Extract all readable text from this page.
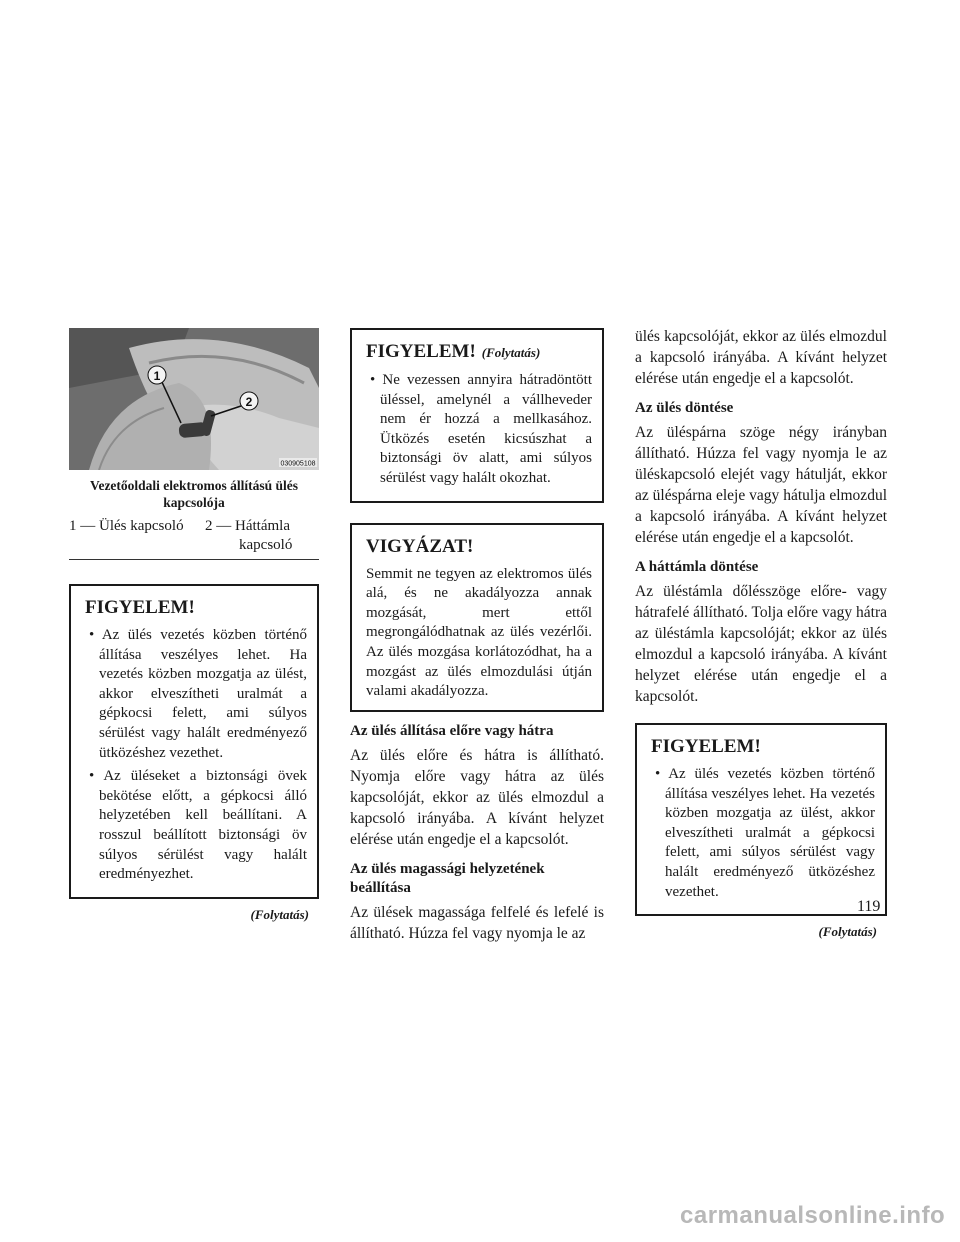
1
2
030905108
Vezetőoldali elektromos állítású ülés kapcsolója
1 — Ülés kapcsoló	2 — Háttámla
kapcsoló
FIGYELEM!
• Az ülés vezetés közben történő állítása veszélyes lehet. Ha vezetés közben mozgatja az ülést, akkor elveszítheti uralmát a gépkocsi felett, ami súlyos sérülést vagy halált eredményező ütközéshez vezethet.
• Az üléseket a biztonsági övek bekötése előtt, a gépkocsi álló helyzetében kell beállítani. A rosszul beállított biztonsági öv súlyos sérülést vagy halált eredményezhet.
(Folytatás)
FIGYELEM! (Folytatás)
• Ne vezessen annyira hátradöntött üléssel, amelynél a vállheveder nem ér hozzá a mellkasához. Ütközés esetén kicsúszhat a biztonsági öv alatt, ami súlyos sérülést vagy halált okozhat.
VIGYÁZAT!

Semmit ne tegyen az elektromos ülés alá, és ne akadályozza annak mozgását, mert ettől megrongálódhatnak az ülés vezérlői. Az ülés mozgása korlátozódhat, ha a mozgást az ülés elmozdulási útján valami akadályozza.

Az ülés állítása előre vagy hátra

Az ülés előre és hátra is állítható. Nyomja előre vagy hátra az ülés kapcsolóját, ekkor az ülés elmozdul a kapcsoló irányába. A kívánt helyzet elérése után engedje el a kapcsolót.

Az ülés magassági helyzetének beállítása

Az ülések magassága felfelé és lefelé is állítható. Húzza fel vagy nyomja le az

ülés kapcsolóját, ekkor az ülés elmozdul a kapcsoló irányába. A kívánt helyzet elérése után engedje el a kapcsolót.

Az ülés döntése

Az üléspárna szöge négy irányban állítható. Húzza fel vagy nyomja le az üléskapcsoló elejét vagy hátulját, ekkor az üléspárna eleje vagy hátulja elmozdul a kapcsoló irányába. A kívánt helyzet elérése után engedje el a kapcsolót.

A háttámla döntése

Az üléstámla dőlésszöge előre- vagy hátrafelé állítható. Tolja előre vagy hátra az üléstámla kapcsolóját; ekkor az ülés elmozdul a kapcsoló irányába. A kívánt helyzet elérése után engedje el a kapcsolót.

FIGYELEM!
• Az ülés vezetés közben történő állítása veszélyes lehet. Ha vezetés közben mozgatja az ülést, akkor elveszítheti uralmát a gépkocsi felett, ami súlyos sérülést vagy halált eredményező ütközéshez vezethet.
(Folytatás)
119
carmanualsonline.info
